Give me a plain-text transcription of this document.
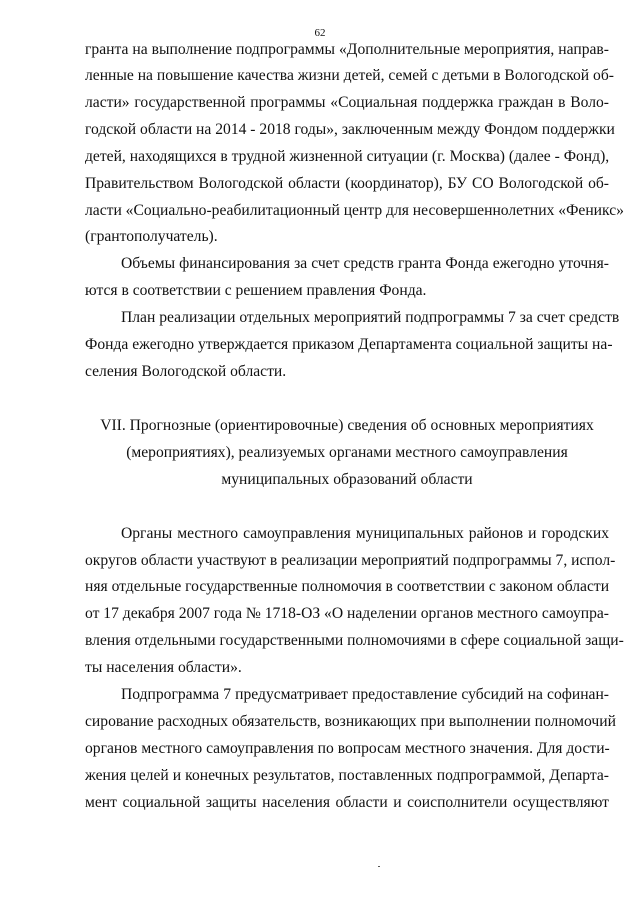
62
гранта на выполнение подпрограммы «Дополнительные мероприятия, направ-
ленные на повышение качества жизни детей, семей с детьми в Вологодской об-
ласти» государственной программы «Социальная поддержка граждан в Воло-
годской области на 2014 - 2018 годы», заключенным между Фондом поддержки
детей, находящихся в трудной жизненной ситуации (г. Москва) (далее - Фонд),
Правительством Вологодской области (координатор), БУ СО Вологодской об-
ласти «Социально-реабилитационный центр для несовершеннолетних «Феникс»
(грантополучатель).
Объемы финансирования за счет средств гранта Фонда ежегодно уточня-
ются в соответствии с решением правления Фонда.
План реализации отдельных мероприятий подпрограммы 7 за счет средств
Фонда ежегодно утверждается приказом Департамента социальной защиты на-
селения Вологодской области.
VII. Прогнозные (ориентировочные) сведения об основных мероприятиях
(мероприятиях), реализуемых органами местного самоуправления
муниципальных образований области
Органы местного самоуправления муниципальных районов и городских
округов области участвуют в реализации мероприятий подпрограммы 7, испол-
няя отдельные государственные полномочия в соответствии с законом области
от 17 декабря 2007 года № 1718-ОЗ «О наделении органов местного самоупра-
вления отдельными государственными полномочиями в сфере социальной защи-
ты населения области».
Подпрограмма 7 предусматривает предоставление субсидий на софинан-
сирование расходных обязательств, возникающих при выполнении полномочий
органов местного самоуправления по вопросам местного значения. Для дости-
жения целей и конечных результатов, поставленных подпрограммой, Департа-
мент социальной защиты населения области и соисполнители осуществляют
